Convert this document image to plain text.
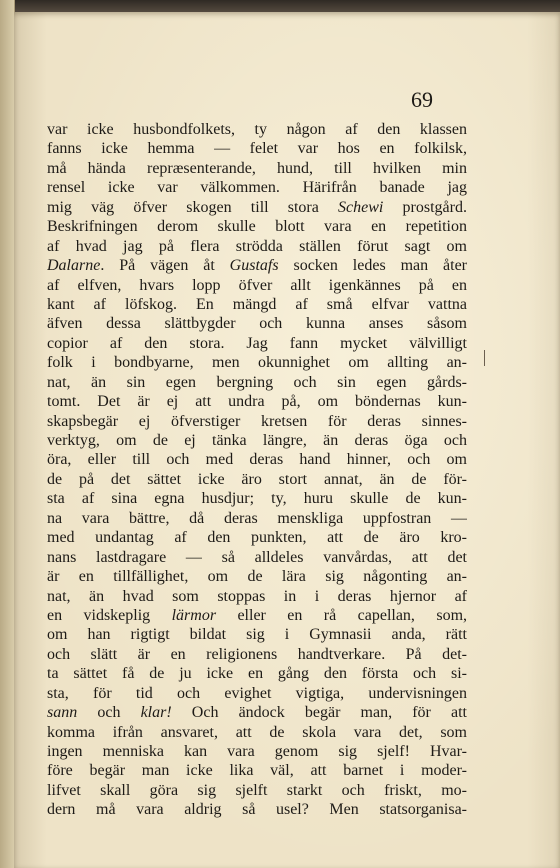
69
var icke husbondfolkets, ty någon af den klassen
fanns icke hemma — felet var hos en folkilsk,
må hända repræsenterande, hund, till hvilken min
rensel icke var välkommen. Härifrån banade jag
mig väg öfver skogen till stora Schewi prostgård.
Beskrifningen derom skulle blott vara en repetition
af hvad jag på flera strödda ställen förut sagt om
Dalarne. På vägen åt Gustafs socken ledes man åter
af elfven, hvars lopp öfver allt igenkännes på en
kant af löfskog. En mängd af små elfvar vattna
äfven dessa slättbygder och kunna anses såsom
copior af den stora. Jag fann mycket välvilligt
folk i bondbyarne, men okunnighet om allting an-
nat, än sin egen bergning och sin egen gårds-
tomt. Det är ej att undra på, om böndernas kun-
skapsbegär ej öfverstiger kretsen för deras sinnes-
verktyg, om de ej tänka längre, än deras öga och
öra, eller till och med deras hand hinner, och om
de på det sättet icke äro stort annat, än de för-
sta af sina egna husdjur; ty, huru skulle de kun-
na vara bättre, då deras menskliga uppfostran —
med undantag af den punkten, att de äro kro-
nans lastdragare — så alldeles vanvårdas, att det
är en tillfällighet, om de lära sig någonting an-
nat, än hvad som stoppas in i deras hjernor af
en vidskeplig lärmor eller en rå capellan, som,
om han rigtigt bildat sig i Gymnasii anda, rätt
och slätt är en religionens handtverkare. På det-
ta sättet få de ju icke en gång den första och si-
sta, för tid och evighet vigtiga, undervisningen
sann och klar! Och ändock begär man, för att
komma ifrån ansvaret, att de skola vara det, som
ingen menniska kan vara genom sig sjelf! Hvar-
före begär man icke lika väl, att barnet i moder-
lifvet skall göra sig sjelft starkt och friskt, mo-
dern må vara aldrig så usel? Men statsorganisa-
